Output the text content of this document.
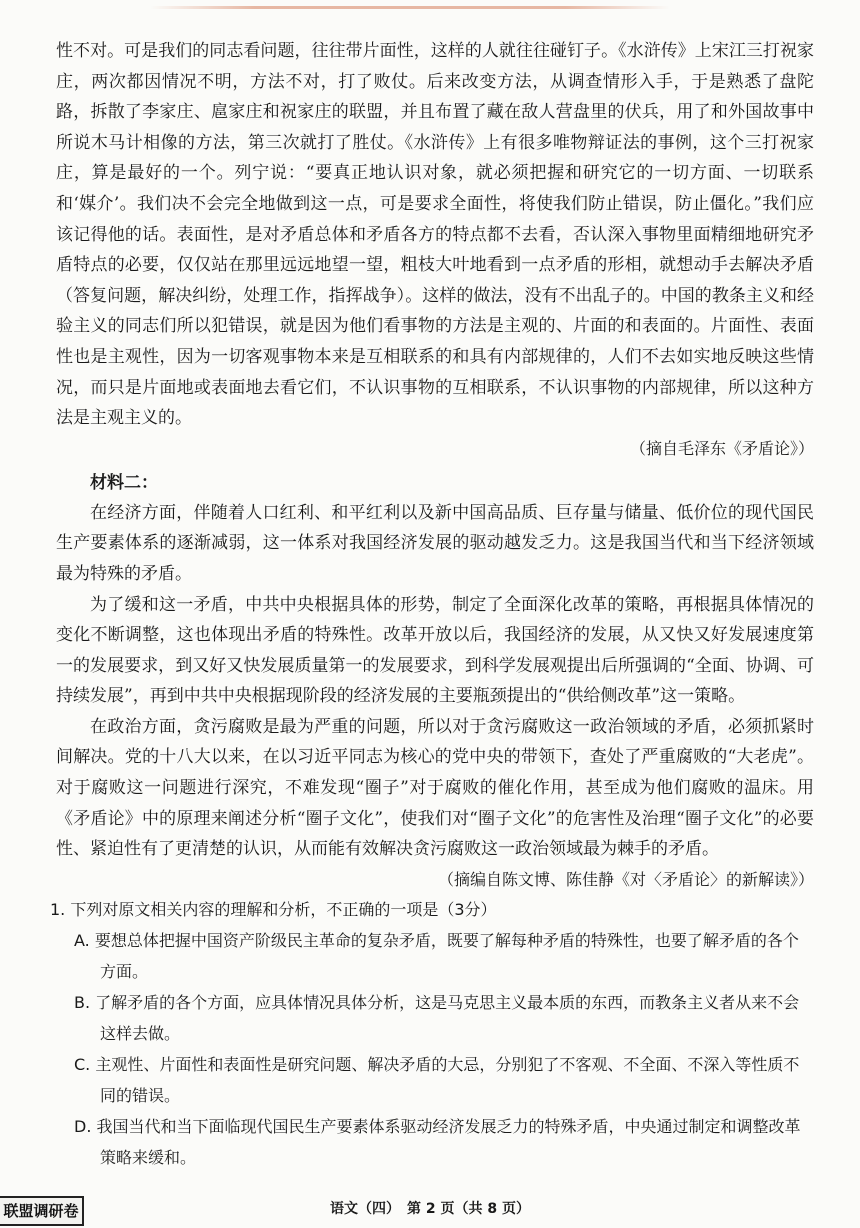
性不对。可是我们的同志看问题，往往带片面性，这样的人就往往碰钉子。《水浒传》上宋江三打祝家庄，两次都因情况不明，方法不对，打了败仗。后来改变方法，从调查情形入手，于是熟悉了盘陀路，拆散了李家庄、扈家庄和祝家庄的联盟，并且布置了藏在敌人营盘里的伏兵，用了和外国故事中所说木马计相像的方法，第三次就打了胜仗。《水浒传》上有很多唯物辩证法的事例，这个三打祝家庄，算是最好的一个。列宁说：“要真正地认识对象，就必须把握和研究它的一切方面、一切联系和‘媒介’。我们决不会完全地做到这一点，可是要求全面性，将使我们防止错误，防止僵化。”我们应该记得他的话。表面性，是对矛盾总体和矛盾各方的特点都不去看，否认深入事物里面精细地研究矛盾特点的必要，仅仅站在那里远远地望一望，粗枝大叶地看到一点矛盾的形相，就想动手去解决矛盾（答复问题，解决纠纷，处理工作，指挥战争）。这样的做法，没有不出乱子的。中国的教条主义和经验主义的同志们所以犯错误，就是因为他们看事物的方法是主观的、片面的和表面的。片面性、表面性也是主观性，因为一切客观事物本来是互相联系的和具有内部规律的，人们不去如实地反映这些情况，而只是片面地或表面地去看它们，不认识事物的互相联系，不认识事物的内部规律，所以这种方法是主观主义的。

（摘自毛泽东《矛盾论》）

材料二：

在经济方面，伴随着人口红利、和平红利以及新中国高品质、巨存量与储量、低价位的现代国民生产要素体系的逐渐减弱，这一体系对我国经济发展的驱动越发乏力。这是我国当代和当下经济领域最为特殊的矛盾。

为了缓和这一矛盾，中共中央根据具体的形势，制定了全面深化改革的策略，再根据具体情况的变化不断调整，这也体现出矛盾的特殊性。改革开放以后，我国经济的发展，从又快又好发展速度第一的发展要求，到又好又快发展质量第一的发展要求，到科学发展观提出后所强调的“全面、协调、可持续发展”，再到中共中央根据现阶段的经济发展的主要瓶颈提出的“供给侧改革”这一策略。

在政治方面，贪污腐败是最为严重的问题，所以对于贪污腐败这一政治领域的矛盾，必须抓紧时间解决。党的十八大以来，在以习近平同志为核心的党中央的带领下，查处了严重腐败的“大老虎”。对于腐败这一问题进行深究，不难发现“圈子”对于腐败的催化作用，甚至成为他们腐败的温床。用《矛盾论》中的原理来阐述分析“圈子文化”，使我们对“圈子文化”的危害性及治理“圈子文化”的必要性、紧迫性有了更清楚的认识，从而能有效解决贪污腐败这一政治领域最为棘手的矛盾。

（摘编自陈文博、陈佳静《对〈矛盾论〉的新解读》）

1. 下列对原文相关内容的理解和分析，不正确的一项是（3分）
A. 要想总体把握中国资产阶级民主革命的复杂矛盾，既要了解每种矛盾的特殊性，也要了解矛盾的各个方面。
B. 了解矛盾的各个方面，应具体情况具体分析，这是马克思主义最本质的东西，而教条主义者从来不会这样去做。
C. 主观性、片面性和表面性是研究问题、解决矛盾的大忌，分别犯了不客观、不全面、不深入等性质不同的错误。
D. 我国当代和当下面临现代国民生产要素体系驱动经济发展乏力的特殊矛盾，中央通过制定和调整改革策略来缓和。
联盟调研卷	语文（四）　第 2 页（共 8 页）
